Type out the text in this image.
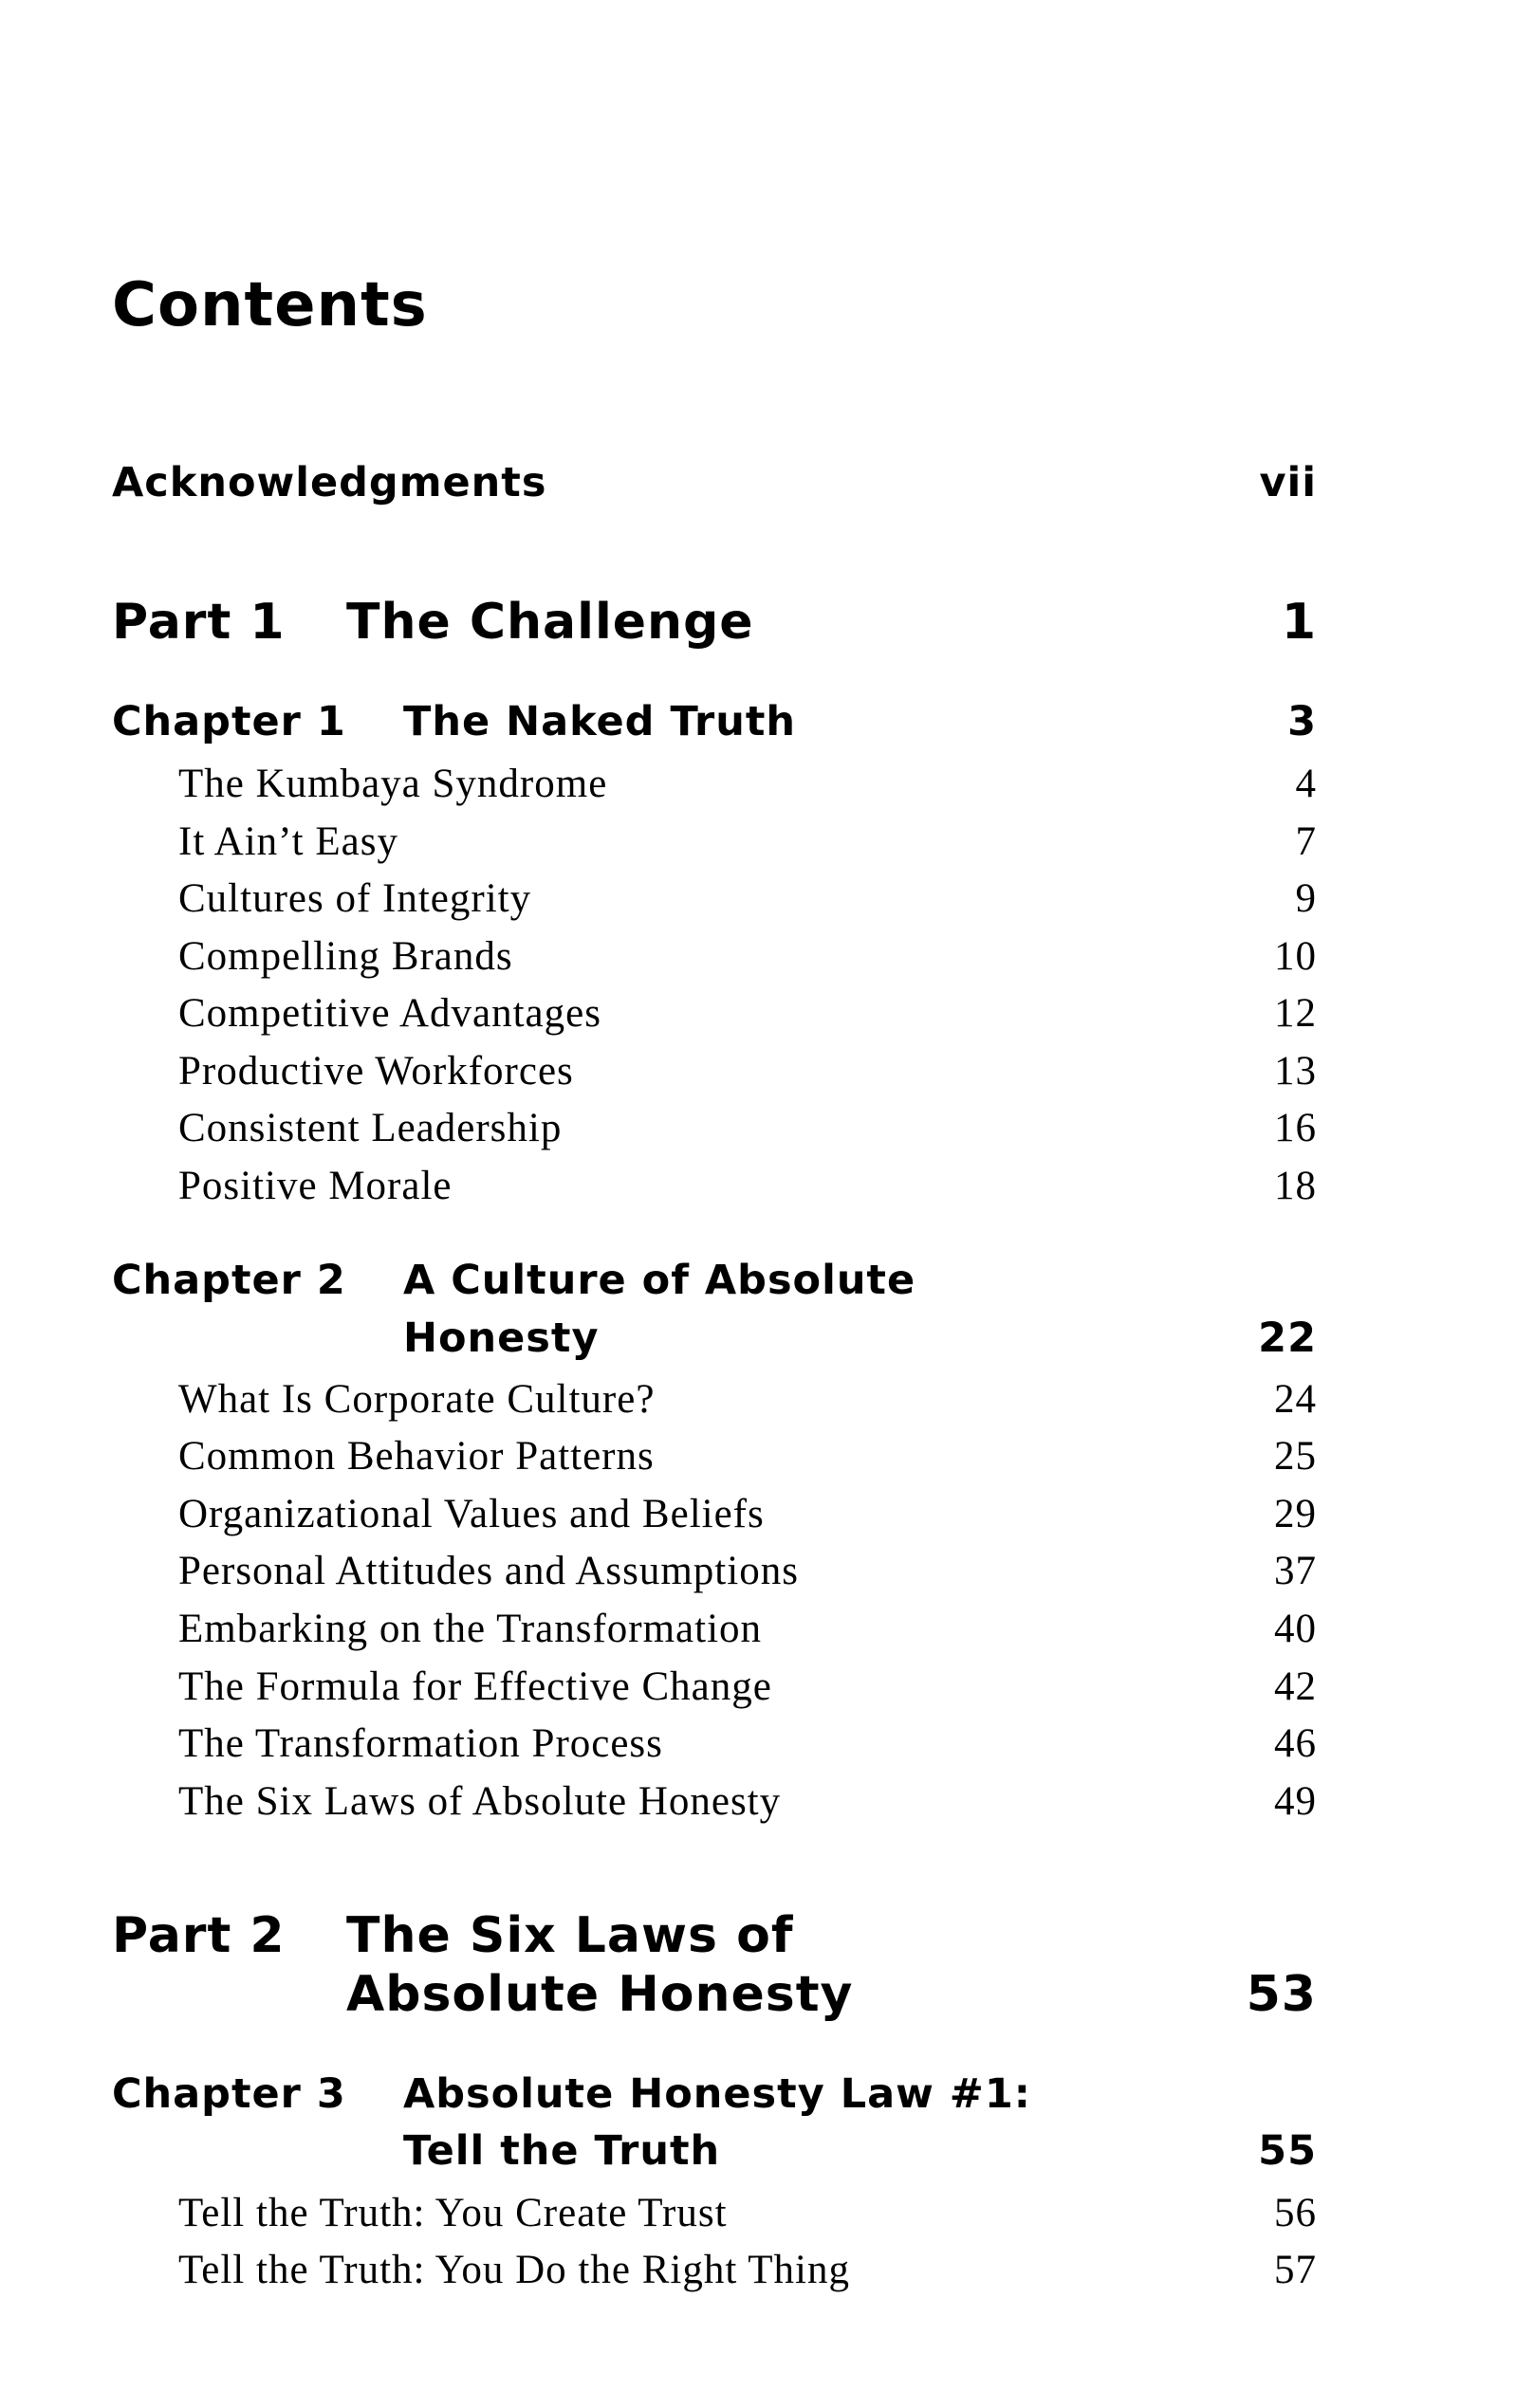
Contents
Acknowledgments	vii
Part 1 The Challenge	1
Chapter 1 The Naked Truth	3
The Kumbaya Syndrome	4
It Ain’t Easy	7
Cultures of Integrity	9
Compelling Brands	10
Competitive Advantages	12
Productive Workforces	13
Consistent Leadership	16
Positive Morale	18
Chapter 2 A Culture of Absolute
Honesty	22
What Is Corporate Culture?	24
Common Behavior Patterns	25
Organizational Values and Beliefs	29
Personal Attitudes and Assumptions	37
Embarking on the Transformation	40
The Formula for Effective Change	42
The Transformation Process	46
The Six Laws of Absolute Honesty	49
Part 2 The Six Laws of
Absolute Honesty	53
Chapter 3 Absolute Honesty Law #1:
Tell the Truth	55
Tell the Truth: You Create Trust	56
Tell the Truth: You Do the Right Thing	57
